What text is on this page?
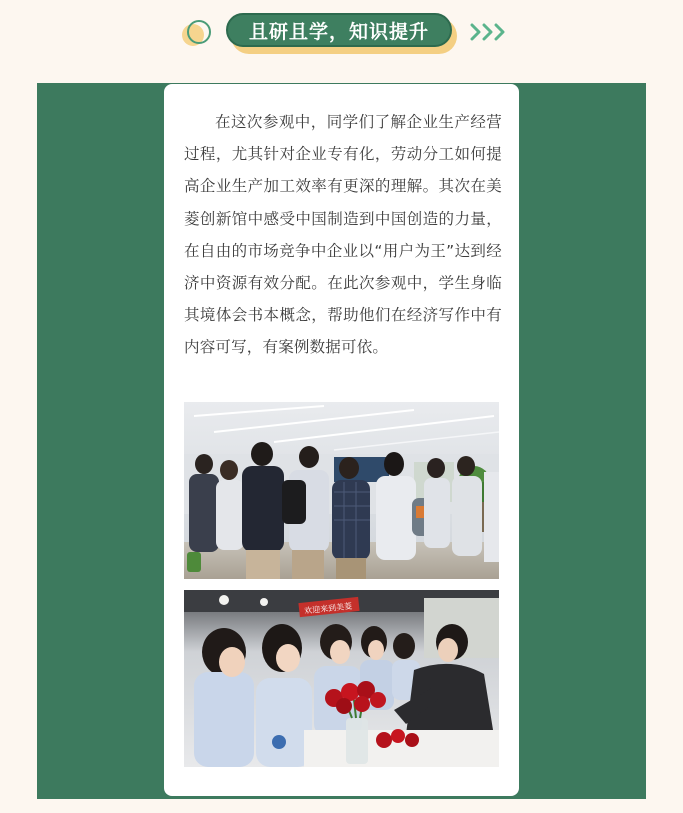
且研且学，知识提升

在这次参观中，同学们了解企业生产经营过程，尤其针对企业专有化，劳动分工如何提高企业生产加工效率有更深的理解。其次在美菱创新馆中感受中国制造到中国创造的力量，在自由的市场竞争中企业以“用户为王”达到经济中资源有效分配。在此次参观中，学生身临其境体会书本概念，帮助他们在经济写作中有内容可写，有案例数据可依。

欢迎来到美菱
